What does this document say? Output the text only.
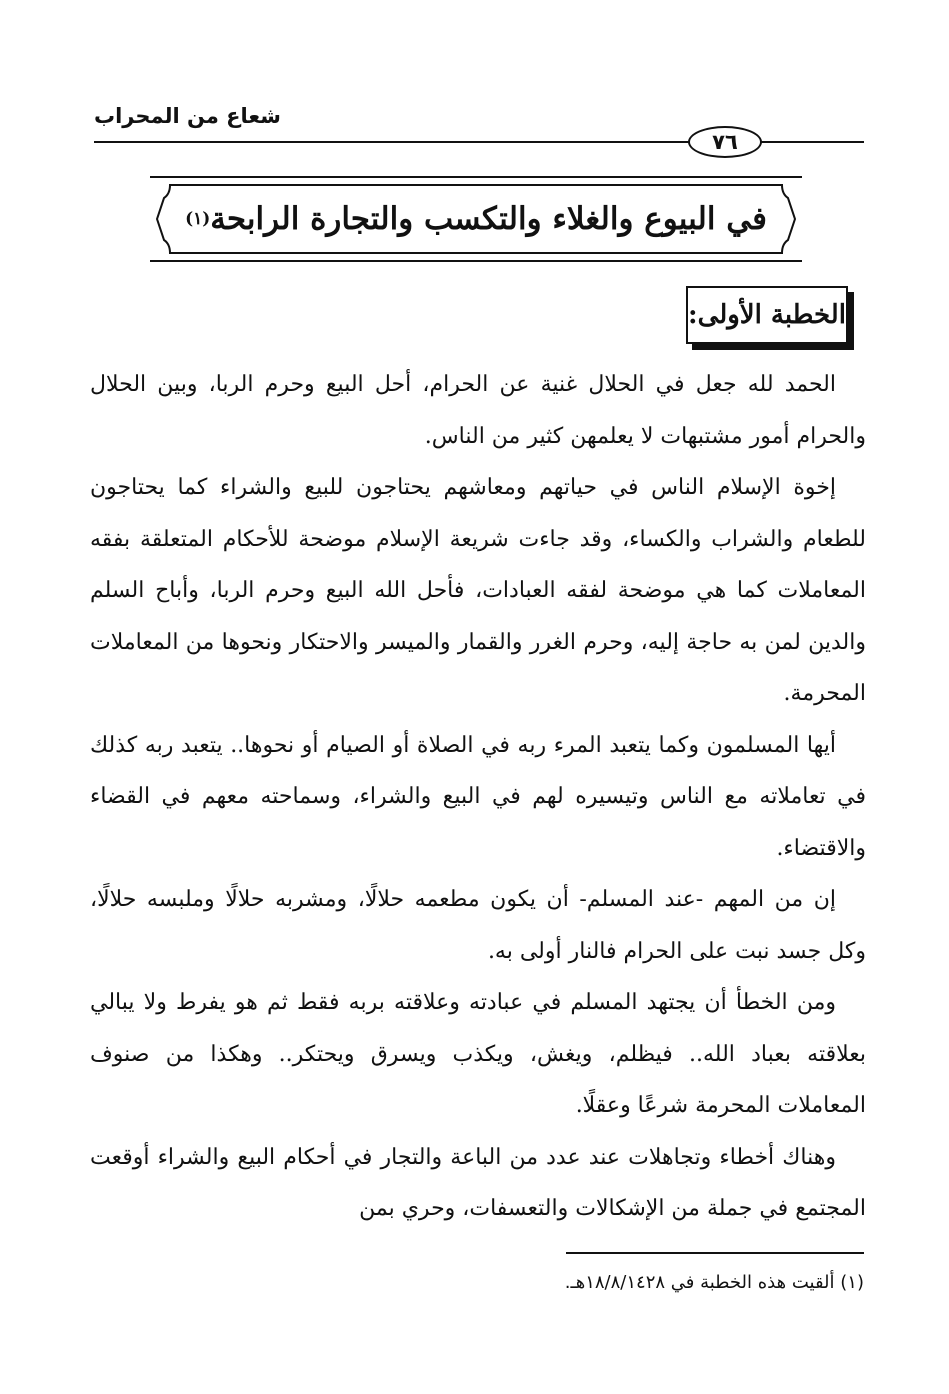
شعاع من المحراب
٧٦
في البيوع والغلاء والتكسب والتجارة الرابحة
(١)
الخطبة الأولى:

الحمد لله جعل في الحلال غنية عن الحرام، أحل البيع وحرم الربا، وبين الحلال والحرام أمور مشتبهات لا يعلمهن كثير من الناس.

إخوة الإسلام الناس في حياتهم ومعاشهم يحتاجون للبيع والشراء كما يحتاجون للطعام والشراب والكساء، وقد جاءت شريعة الإسلام موضحة للأحكام المتعلقة بفقه المعاملات كما هي موضحة لفقه العبادات، فأحل الله البيع وحرم الربا، وأباح السلم والدين لمن به حاجة إليه، وحرم الغرر والقمار والميسر والاحتكار ونحوها من المعاملات المحرمة.

أيها المسلمون وكما يتعبد المرء ربه في الصلاة أو الصيام أو نحوها.. يتعبد ربه كذلك في تعاملاته مع الناس وتيسيره لهم في البيع والشراء، وسماحته معهم في القضاء والاقتضاء.

إن من المهم -عند المسلم- أن يكون مطعمه حلالًا، ومشربه حلالًا وملبسه حلالًا، وكل جسد نبت على الحرام فالنار أولى به.

ومن الخطأ أن يجتهد المسلم في عبادته وعلاقته بربه فقط ثم هو يفرط ولا يبالي بعلاقته بعباد الله.. فيظلم، ويغش، ويكذب ويسرق ويحتكر.. وهكذا من صنوف المعاملات المحرمة شرعًا وعقلًا.

وهناك أخطاء وتجاهلات عند عدد من الباعة والتجار في أحكام البيع والشراء أوقعت المجتمع في جملة من الإشكالات والتعسفات، وحري بمن

(١) ألقيت هذه الخطبة في ١٨/٨/١٤٢٨هـ.
